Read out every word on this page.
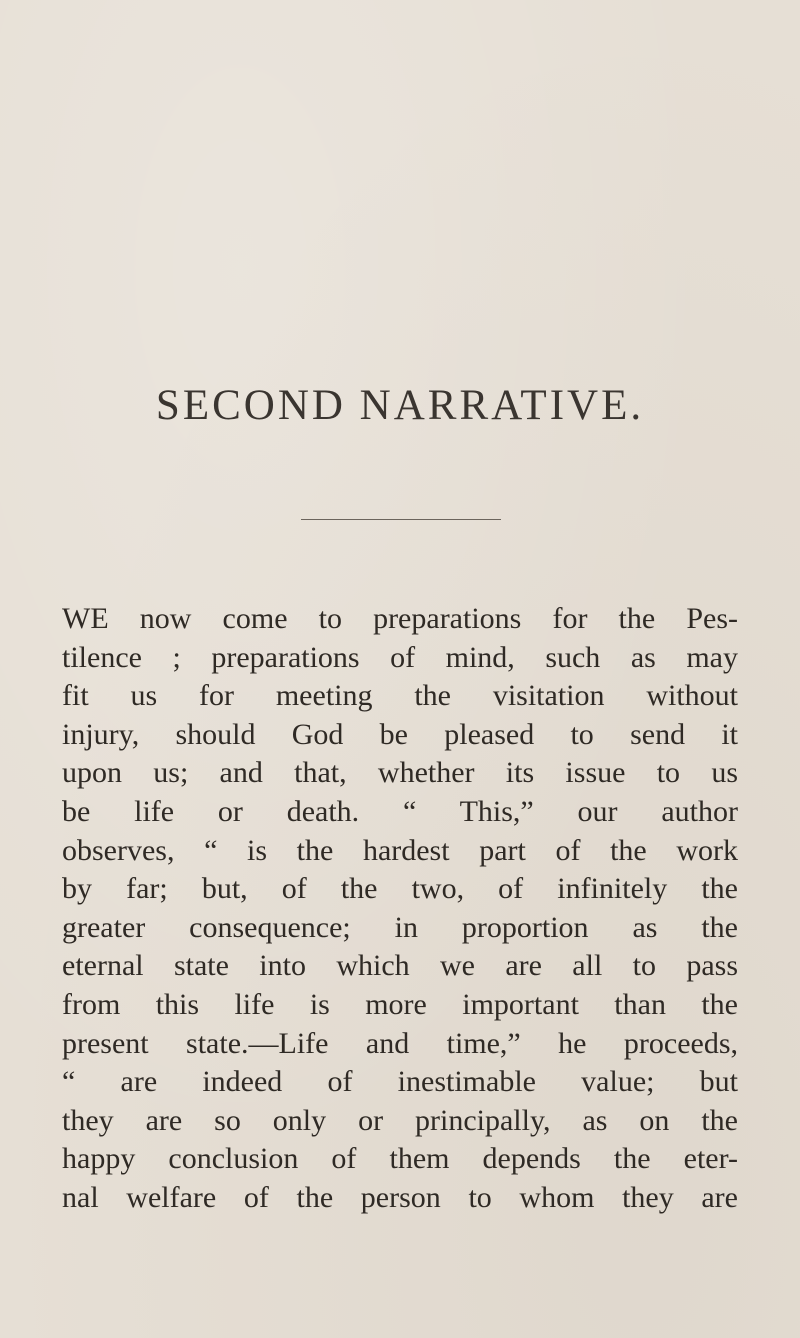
SECOND NARRATIVE.
WE now come to preparations for the Pes-
tilence ; preparations of mind, such as may
fit us for meeting the visitation without
injury, should God be pleased to send it
upon us; and that, whether its issue to us
be life or death. “ This,” our author
observes, “ is the hardest part of the work
by far; but, of the two, of infinitely the
greater consequence; in proportion as the
eternal state into which we are all to pass
from this life is more important than the
present state.—Life and time,” he proceeds,
“ are indeed of inestimable value; but
they are so only or principally, as on the
happy conclusion of them depends the eter-
nal welfare of the person to whom they are
